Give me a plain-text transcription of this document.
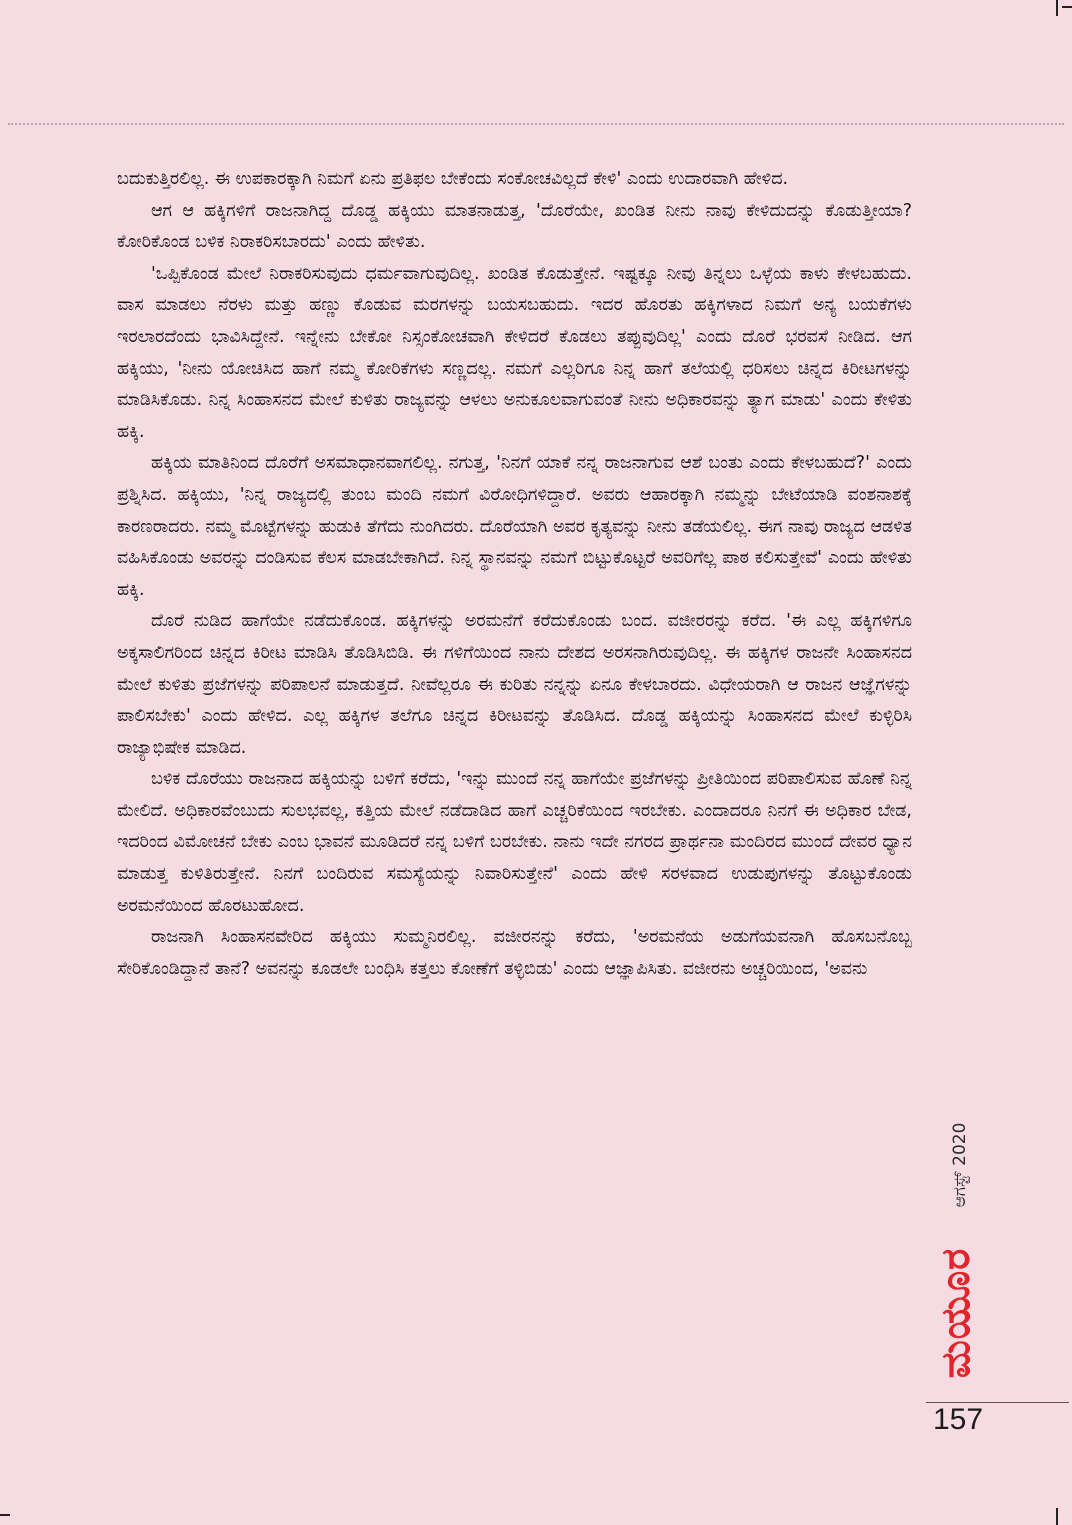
ಬದುಕುತ್ತಿರಲಿಲ್ಲ. ಈ ಉಪಕಾರಕ್ಕಾಗಿ ನಿಮಗೆ ಏನು ಪ್ರತಿಫಲ ಬೇಕೆಂದು ಸಂಕೋಚವಿಲ್ಲದೆ ಕೇಳಿ' ಎಂದು ಉದಾರವಾಗಿ ಹೇಳಿದ.

ಆಗ ಆ ಹಕ್ಕಿಗಳಿಗೆ ರಾಜನಾಗಿದ್ದ ದೊಡ್ಡ ಹಕ್ಕಿಯು ಮಾತನಾಡುತ್ತ, 'ದೊರೆಯೇ, ಖಂಡಿತ ನೀನು ನಾವು ಕೇಳಿದುದನ್ನು ಕೊಡುತ್ತೀಯಾ? ಕೋರಿಕೊಂಡ ಬಳಿಕ ನಿರಾಕರಿಸಬಾರದು' ಎಂದು ಹೇಳಿತು.

'ಒಪ್ಪಿಕೊಂಡ ಮೇಲೆ ನಿರಾಕರಿಸುವುದು ಧರ್ಮವಾಗುವುದಿಲ್ಲ. ಖಂಡಿತ ಕೊಡುತ್ತೇನೆ. ಇಷ್ಟಕ್ಕೂ ನೀವು ತಿನ್ನಲು ಒಳ್ಳೆಯ ಕಾಳು ಕೇಳಬಹುದು. ವಾಸ ಮಾಡಲು ನೆರಳು ಮತ್ತು ಹಣ್ಣು ಕೊಡುವ ಮರಗಳನ್ನು ಬಯಸಬಹುದು. ಇದರ ಹೊರತು ಹಕ್ಕಿಗಳಾದ ನಿಮಗೆ ಅನ್ಯ ಬಯಕೆಗಳು ಇರಲಾರದೆಂದು ಭಾವಿಸಿದ್ದೇನೆ. ಇನ್ನೇನು ಬೇಕೋ ನಿಸ್ಸಂಕೋಚವಾಗಿ ಕೇಳಿದರೆ ಕೊಡಲು ತಪ್ಪುವುದಿಲ್ಲ' ಎಂದು ದೊರೆ ಭರವಸೆ ನೀಡಿದ. ಆಗ ಹಕ್ಕಿಯು, 'ನೀನು ಯೋಚಿಸಿದ ಹಾಗೆ ನಮ್ಮ ಕೋರಿಕೆಗಳು ಸಣ್ಣದಲ್ಲ. ನಮಗೆ ಎಲ್ಲರಿಗೂ ನಿನ್ನ ಹಾಗೆ ತಲೆಯಲ್ಲಿ ಧರಿಸಲು ಚಿನ್ನದ ಕಿರೀಟಗಳನ್ನು ಮಾಡಿಸಿಕೊಡು. ನಿನ್ನ ಸಿಂಹಾಸನದ ಮೇಲೆ ಕುಳಿತು ರಾಜ್ಯವನ್ನು ಆಳಲು ಅನುಕೂಲವಾಗುವಂತೆ ನೀನು ಅಧಿಕಾರವನ್ನು ತ್ಯಾಗ ಮಾಡು' ಎಂದು ಕೇಳಿತು ಹಕ್ಕಿ.

ಹಕ್ಕಿಯ ಮಾತಿನಿಂದ ದೊರೆಗೆ ಅಸಮಾಧಾನವಾಗಲಿಲ್ಲ. ನಗುತ್ತ, 'ನಿನಗೆ ಯಾಕೆ ನನ್ನ ರಾಜನಾಗುವ ಆಶೆ ಬಂತು ಎಂದು ಕೇಳಬಹುದೆ?' ಎಂದು ಪ್ರಶ್ನಿಸಿದ. ಹಕ್ಕಿಯು, 'ನಿನ್ನ ರಾಜ್ಯದಲ್ಲಿ ತುಂಬ ಮಂದಿ ನಮಗೆ ವಿರೋಧಿಗಳಿದ್ದಾರೆ. ಅವರು ಆಹಾರಕ್ಕಾಗಿ ನಮ್ಮನ್ನು ಬೇಟೆಯಾಡಿ ವಂಶನಾಶಕ್ಕೆ ಕಾರಣರಾದರು. ನಮ್ಮ ಮೊಟ್ಟೆಗಳನ್ನು ಹುಡುಕಿ ತೆಗೆದು ನುಂಗಿದರು. ದೊರೆಯಾಗಿ ಅವರ ಕೃತ್ಯವನ್ನು ನೀನು ತಡೆಯಲಿಲ್ಲ. ಈಗ ನಾವು ರಾಜ್ಯದ ಆಡಳಿತ ವಹಿಸಿಕೊಂಡು ಅವರನ್ನು ದಂಡಿಸುವ ಕೆಲಸ ಮಾಡಬೇಕಾಗಿದೆ. ನಿನ್ನ ಸ್ಥಾನವನ್ನು ನಮಗೆ ಬಿಟ್ಟುಕೊಟ್ಟರೆ ಅವರಿಗೆಲ್ಲ ಪಾಠ ಕಲಿಸುತ್ತೇವೆ' ಎಂದು ಹೇಳಿತು ಹಕ್ಕಿ.

ದೊರೆ ನುಡಿದ ಹಾಗೆಯೇ ನಡೆದುಕೊಂಡ. ಹಕ್ಕಿಗಳನ್ನು ಅರಮನೆಗೆ ಕರೆದುಕೊಂಡು ಬಂದ. ವಜೀರರನ್ನು ಕರೆದ. 'ಈ ಎಲ್ಲ ಹಕ್ಕಿಗಳಿಗೂ ಅಕ್ಕಸಾಲಿಗರಿಂದ ಚಿನ್ನದ ಕಿರೀಟ ಮಾಡಿಸಿ ತೊಡಿಸಿಬಿಡಿ. ಈ ಗಳಿಗೆಯಿಂದ ನಾನು ದೇಶದ ಅರಸನಾಗಿರುವುದಿಲ್ಲ. ಈ ಹಕ್ಕಿಗಳ ರಾಜನೇ ಸಿಂಹಾಸನದ ಮೇಲೆ ಕುಳಿತು ಪ್ರಜೆಗಳನ್ನು ಪರಿಪಾಲನೆ ಮಾಡುತ್ತದೆ. ನೀವೆಲ್ಲರೂ ಈ ಕುರಿತು ನನ್ನನ್ನು ಏನೂ ಕೇಳಬಾರದು. ವಿಧೇಯರಾಗಿ ಆ ರಾಜನ ಆಜ್ಞೆಗಳನ್ನು ಪಾಲಿಸಬೇಕು' ಎಂದು ಹೇಳಿದ. ಎಲ್ಲ ಹಕ್ಕಿಗಳ ತಲೆಗೂ ಚಿನ್ನದ ಕಿರೀಟವನ್ನು ತೊಡಿಸಿದ. ದೊಡ್ಡ ಹಕ್ಕಿಯನ್ನು ಸಿಂಹಾಸನದ ಮೇಲೆ ಕುಳ್ಳಿರಿಸಿ ರಾಜ್ಯಾಭಿಷೇಕ ಮಾಡಿದ.

ಬಳಿಕ ದೊರೆಯು ರಾಜನಾದ ಹಕ್ಕಿಯನ್ನು ಬಳಿಗೆ ಕರೆದು, 'ಇನ್ನು ಮುಂದೆ ನನ್ನ ಹಾಗೆಯೇ ಪ್ರಜೆಗಳನ್ನು ಪ್ರೀತಿಯಿಂದ ಪರಿಪಾಲಿಸುವ ಹೊಣೆ ನಿನ್ನ ಮೇಲಿದೆ. ಅಧಿಕಾರವೆಂಬುದು ಸುಲಭವಲ್ಲ, ಕತ್ತಿಯ ಮೇಲೆ ನಡೆದಾಡಿದ ಹಾಗೆ ಎಚ್ಚರಿಕೆಯಿಂದ ಇರಬೇಕು. ಎಂದಾದರೂ ನಿನಗೆ ಈ ಅಧಿಕಾರ ಬೇಡ, ಇದರಿಂದ ವಿಮೋಚನೆ ಬೇಕು ಎಂಬ ಭಾವನೆ ಮೂಡಿದರೆ ನನ್ನ ಬಳಿಗೆ ಬರಬೇಕು. ನಾನು ಇದೇ ನಗರದ ಪ್ರಾರ್ಥನಾ ಮಂದಿರದ ಮುಂದೆ ದೇವರ ಧ್ಯಾನ ಮಾಡುತ್ತ ಕುಳಿತಿರುತ್ತೇನೆ. ನಿನಗೆ ಬಂದಿರುವ ಸಮಸ್ಯೆಯನ್ನು ನಿವಾರಿಸುತ್ತೇನೆ' ಎಂದು ಹೇಳಿ ಸರಳವಾದ ಉಡುಪುಗಳನ್ನು ತೊಟ್ಟುಕೊಂಡು ಅರಮನೆಯಿಂದ ಹೊರಟುಹೋದ.

ರಾಜನಾಗಿ ಸಿಂಹಾಸನವೇರಿದ ಹಕ್ಕಿಯು ಸುಮ್ಮನಿರಲಿಲ್ಲ. ವಜೀರನನ್ನು ಕರೆದು, 'ಅರಮನೆಯ ಅಡುಗೆಯವನಾಗಿ ಹೊಸಬನೊಬ್ಬ ಸೇರಿಕೊಂಡಿದ್ದಾನೆ ತಾನೆ? ಅವನನ್ನು ಕೂಡಲೇ ಬಂಧಿಸಿ ಕತ್ತಲು ಕೋಣೆಗೆ ತಳ್ಳಿಬಿಡು' ಎಂದು ಆಜ್ಞಾಪಿಸಿತು. ವಜೀರನು ಅಚ್ಚರಿಯಿಂದ, 'ಅವನು

ಆಗಸ್ಟ್ 2020
ಮಯೂರ
157
